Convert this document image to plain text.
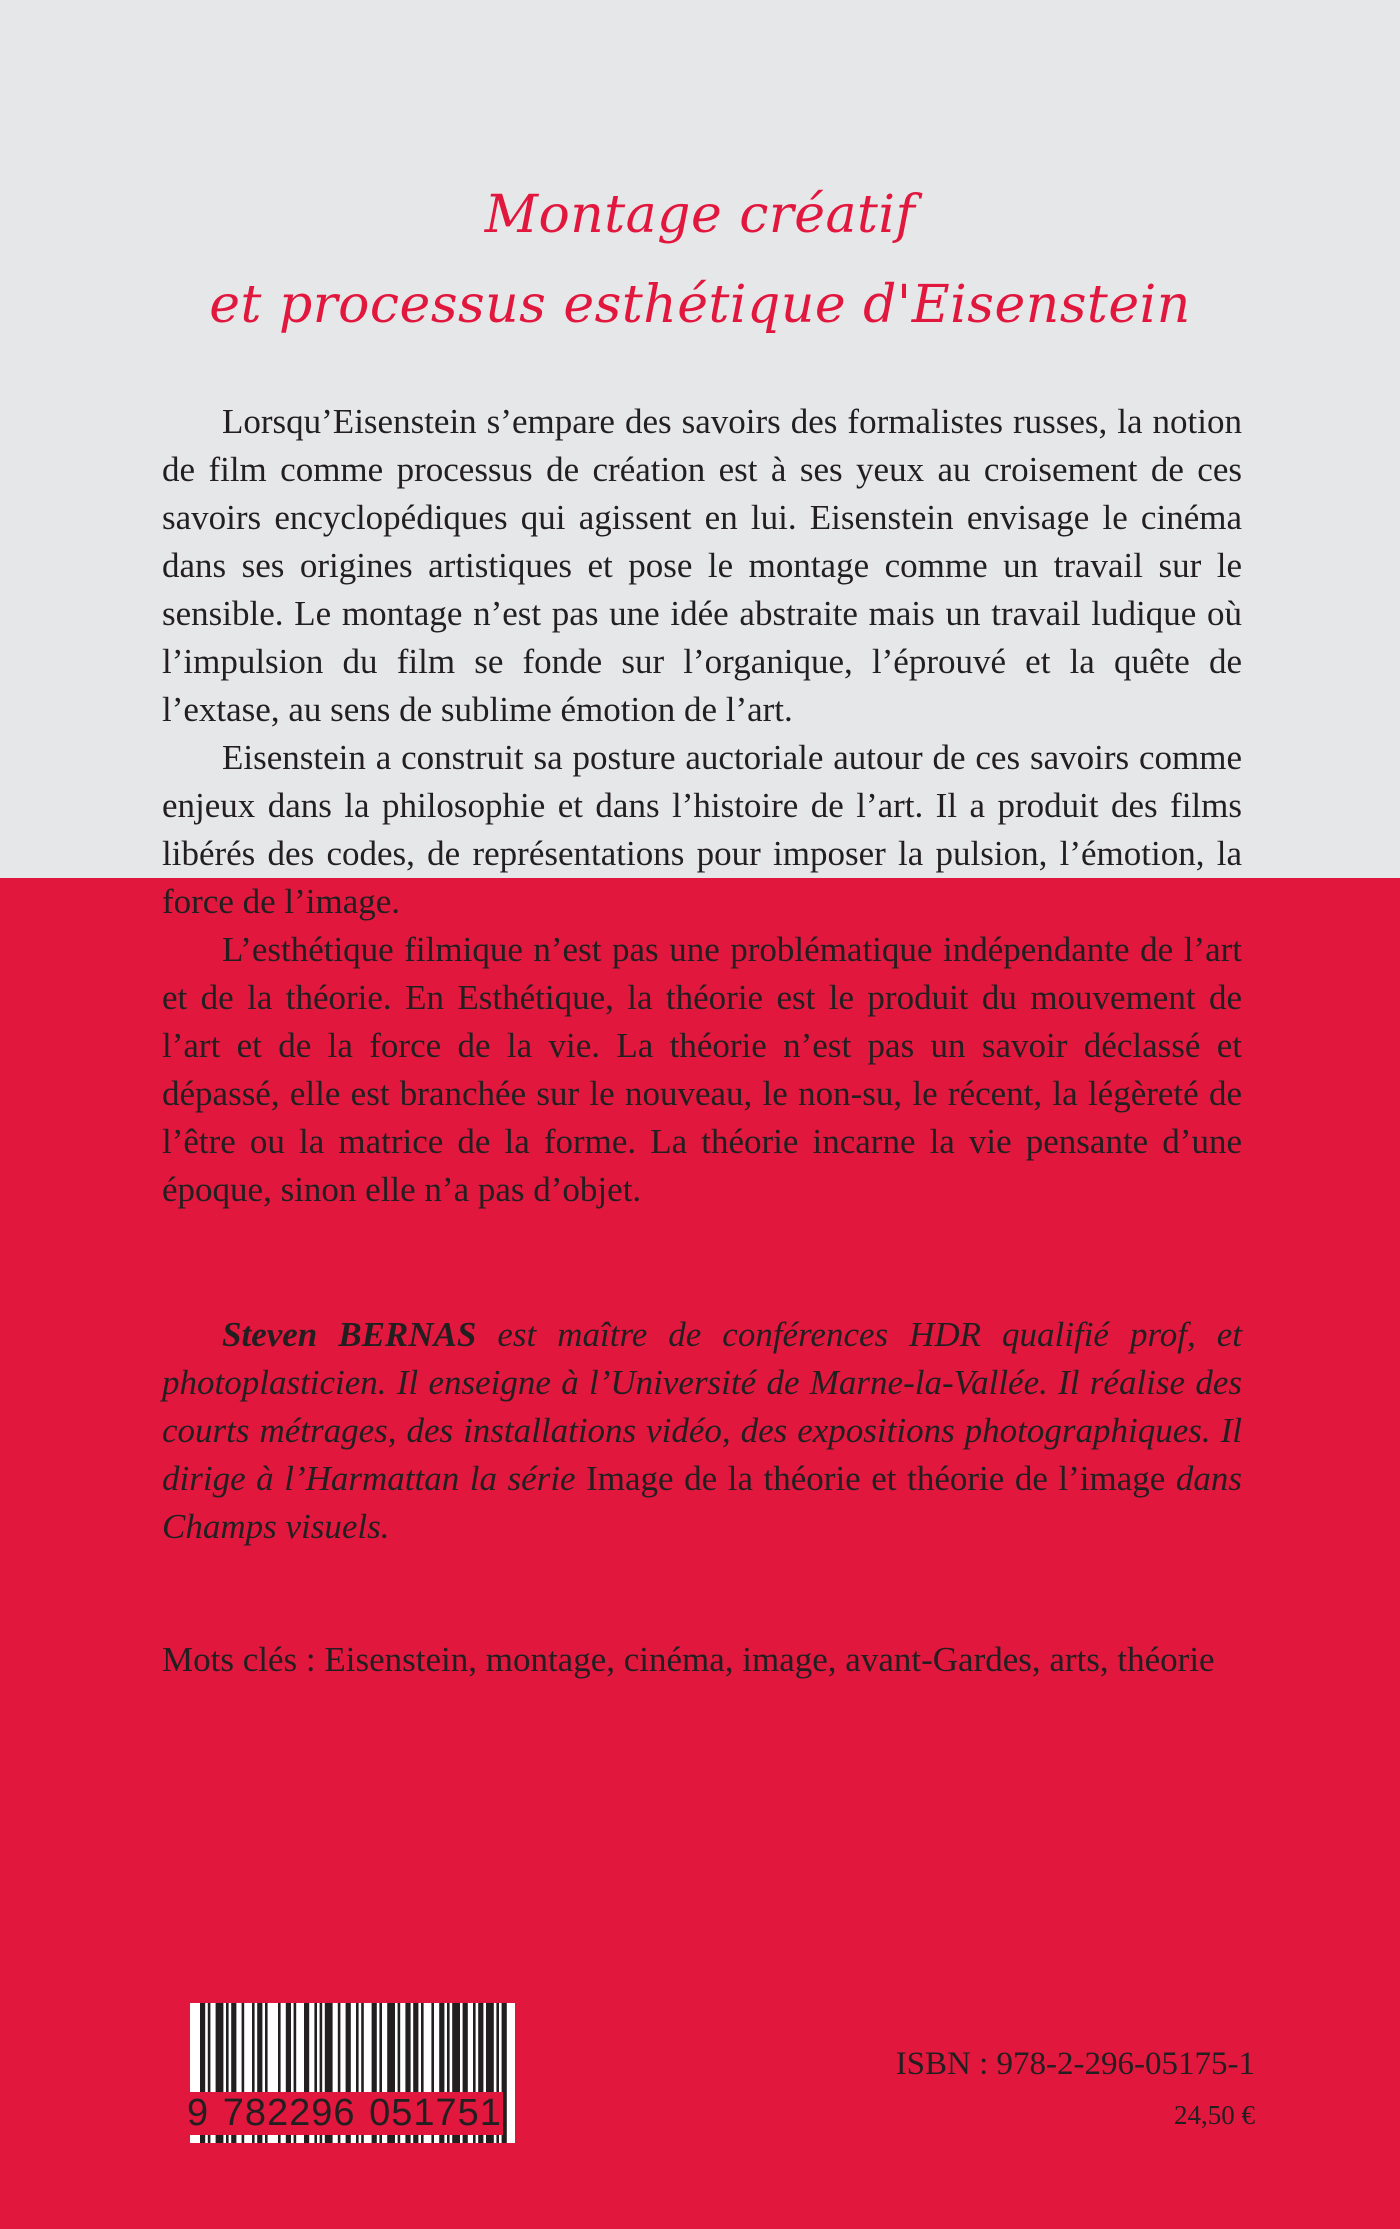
Montage créatif
et processus esthétique d'Eisenstein

Lorsqu’Eisenstein s’empare des savoirs des formalistes russes, la notion de film comme processus de création est à ses yeux au croisement de ces savoirs encyclopédiques qui agissent en lui. Eisenstein envisage le cinéma dans ses origines artistiques et pose le montage comme un travail sur le sensible. Le montage n’est pas une idée abstraite mais un travail ludique où l’impulsion du film se fonde sur l’organique, l’éprouvé et la quête de l’extase, au sens de sublime émotion de l’art.

Eisenstein a construit sa posture auctoriale autour de ces savoirs comme enjeux dans la philosophie et dans l’histoire de l’art. Il a produit des films libérés des codes, de représentations pour imposer la pulsion, l’émotion, la force de l’image.

L’esthétique filmique n’est pas une problématique indépendante de l’art et de la théorie. En Esthétique, la théorie est le produit du mouvement de l’art et de la force de la vie. La théorie n’est pas un savoir déclassé et dépassé, elle est branchée sur le nouveau, le non-su, le récent, la légèreté de l’être ou la matrice de la forme. La théorie incarne la vie pensante d’une époque, sinon elle n’a pas d’objet.

Steven BERNAS est maître de conférences HDR qualifié prof, et photoplasticien. Il enseigne à l’Université de Marne-la-Vallée. Il réalise des courts métrages, des installations vidéo, des expositions photographiques. Il dirige à l’Harmattan la série Image de la théorie et théorie de l’image dans Champs visuels.

Mots clés : Eisenstein, montage, cinéma, image, avant-Gardes, arts, théorie
9 782296 051751
ISBN : 978-2-296-05175-1
24,50 €
